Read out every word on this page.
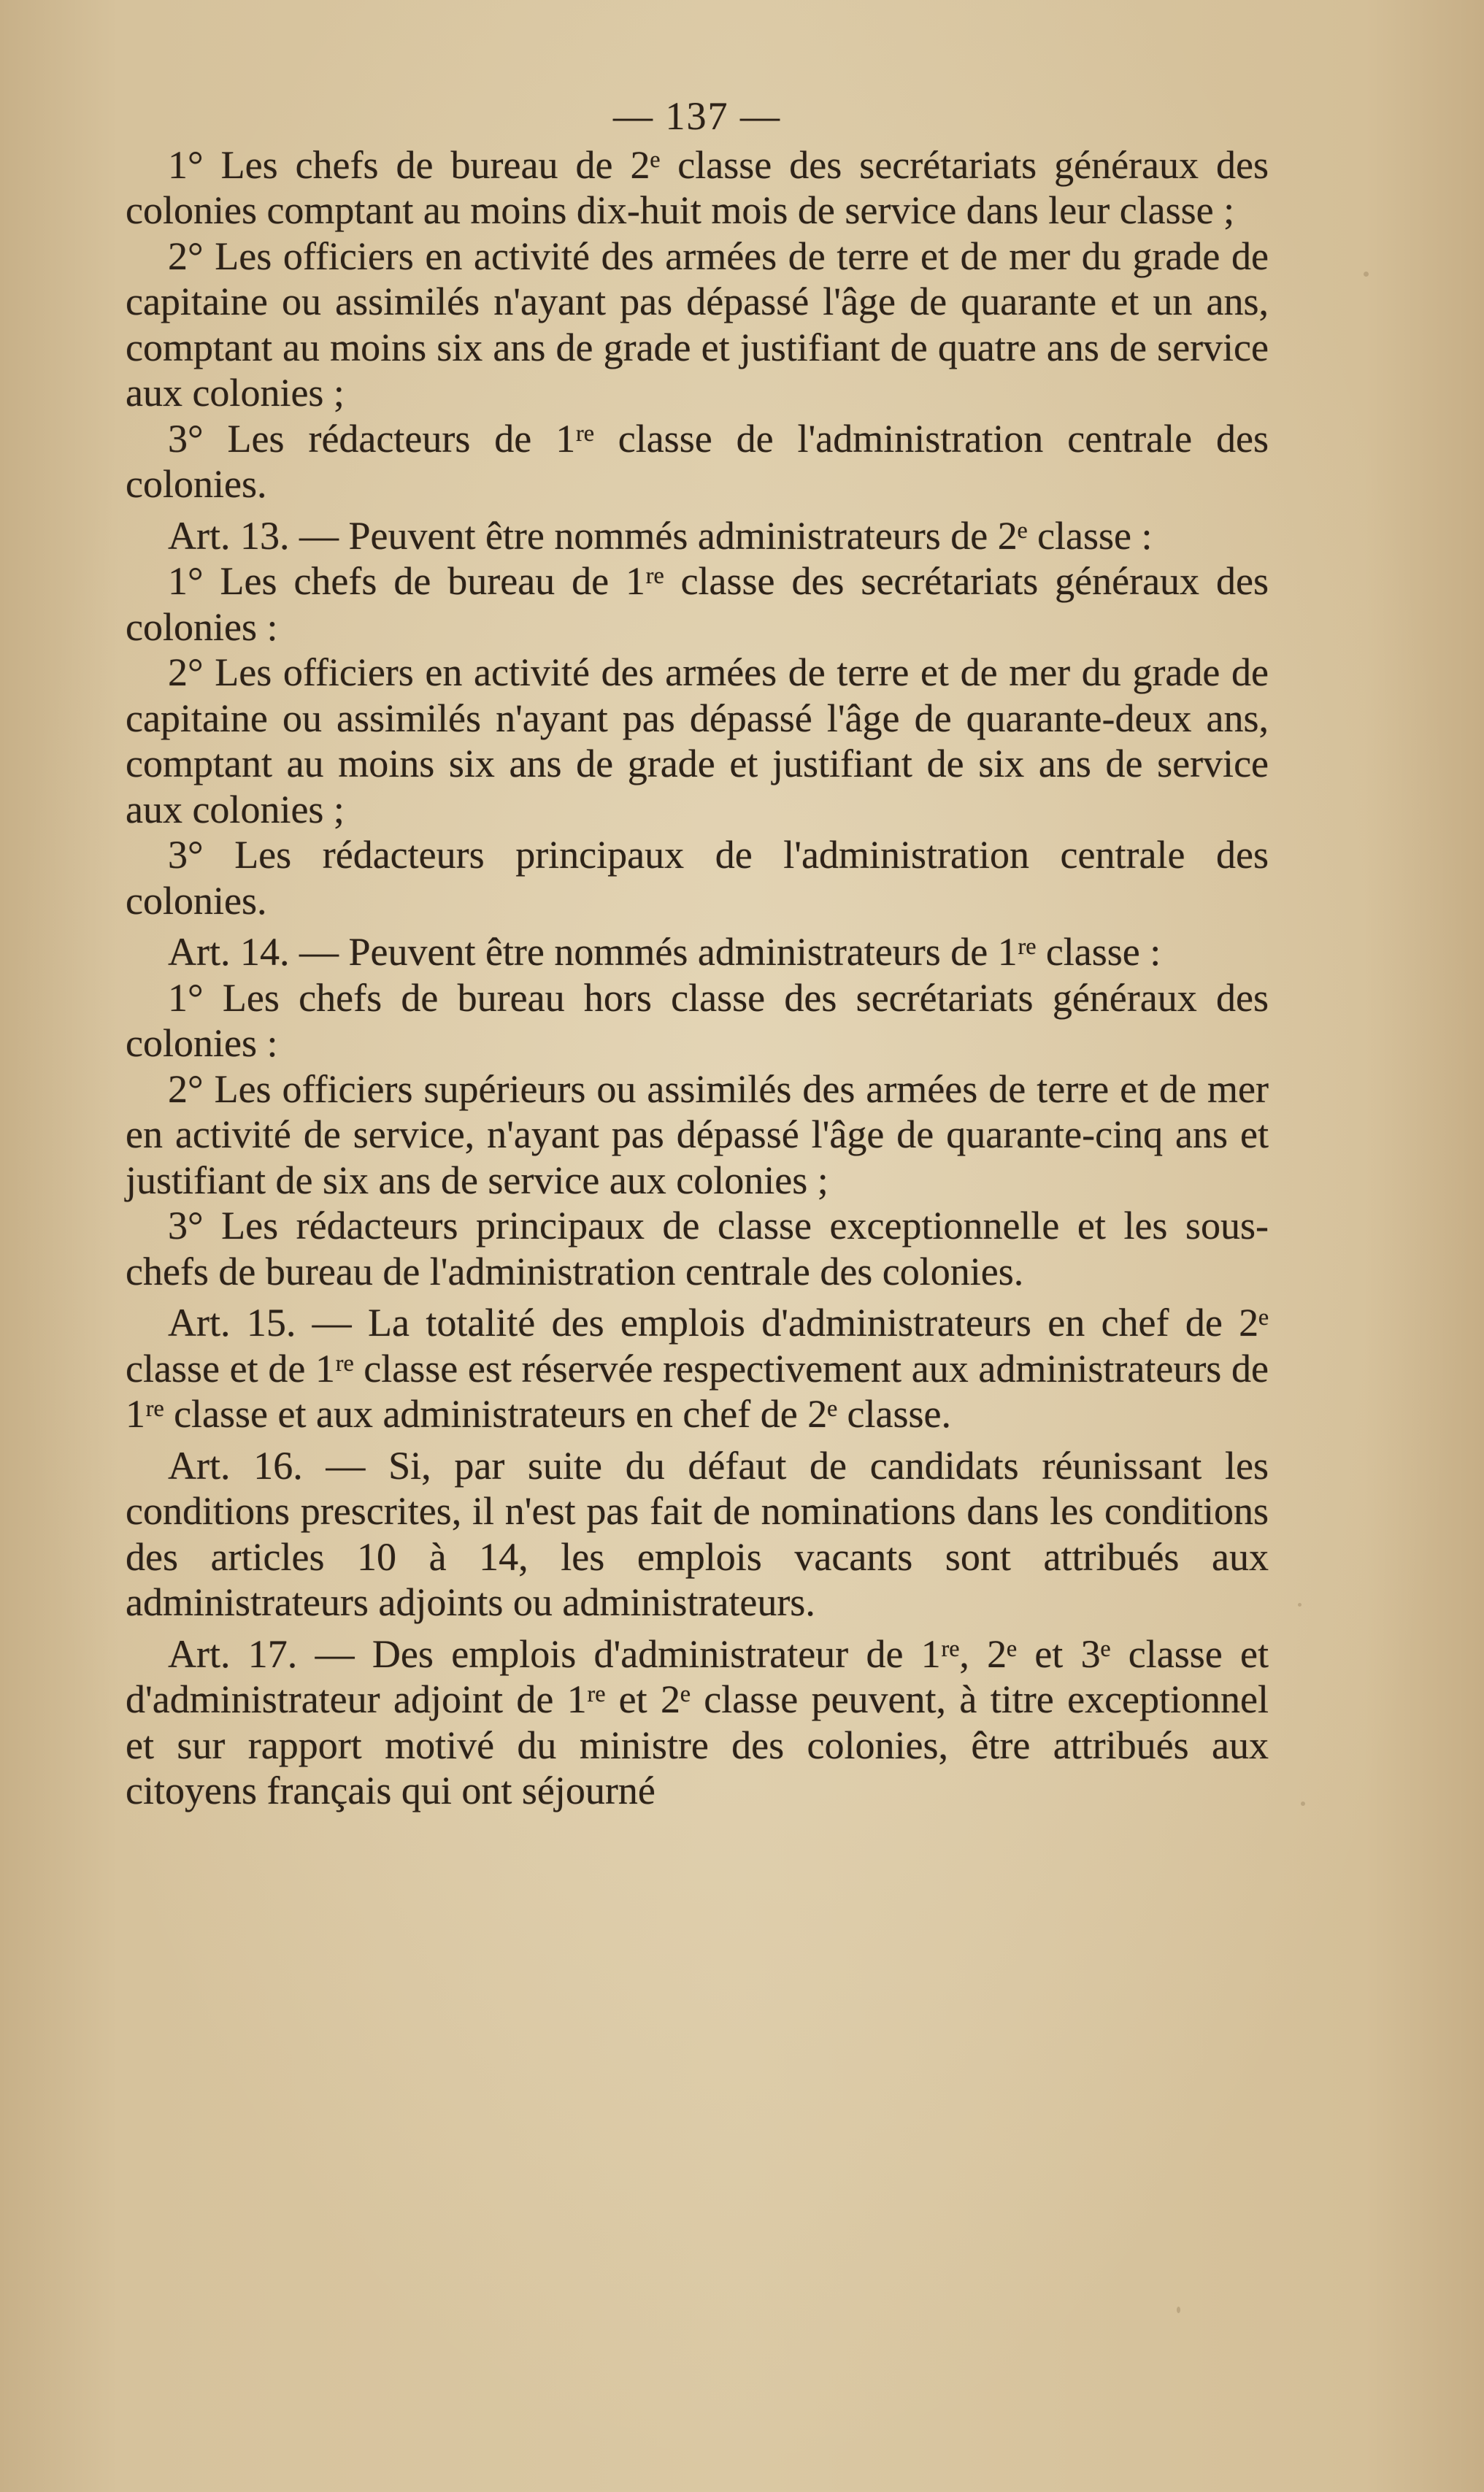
— 137 —

1° Les chefs de bureau de 2ᵉ classe des secrétariats généraux des colonies comptant au moins dix-huit mois de service dans leur classe ;

2° Les officiers en activité des armées de terre et de mer du grade de capitaine ou assimilés n'ayant pas dépassé l'âge de quarante et un ans, comptant au moins six ans de grade et justifiant de quatre ans de service aux colonies ;

3° Les rédacteurs de 1ʳᵉ classe de l'administration centrale des colonies.

Art. 13. — Peuvent être nommés administrateurs de 2ᵉ classe :

1° Les chefs de bureau de 1ʳᵉ classe des secrétariats généraux des colonies :

2° Les officiers en activité des armées de terre et de mer du grade de capitaine ou assimilés n'ayant pas dépassé l'âge de quarante-deux ans, comptant au moins six ans de grade et justifiant de six ans de service aux colonies ;

3° Les rédacteurs principaux de l'administration centrale des colonies.

Art. 14. — Peuvent être nommés administrateurs de 1ʳᵉ classe :

1° Les chefs de bureau hors classe des secrétariats généraux des colonies :

2° Les officiers supérieurs ou assimilés des armées de terre et de mer en activité de service, n'ayant pas dépassé l'âge de quarante-cinq ans et justifiant de six ans de service aux colonies ;

3° Les rédacteurs principaux de classe exceptionnelle et les sous-chefs de bureau de l'administration centrale des colonies.

Art. 15. — La totalité des emplois d'administrateurs en chef de 2ᵉ classe et de 1ʳᵉ classe est réservée respectivement aux administrateurs de 1ʳᵉ classe et aux administrateurs en chef de 2ᵉ classe.

Art. 16. — Si, par suite du défaut de candidats réunissant les conditions prescrites, il n'est pas fait de nominations dans les conditions des articles 10 à 14, les emplois vacants sont attribués aux administrateurs adjoints ou administrateurs.

Art. 17. — Des emplois d'administrateur de 1ʳᵉ, 2ᵉ et 3ᵉ classe et d'administrateur adjoint de 1ʳᵉ et 2ᵉ classe peuvent, à titre exceptionnel et sur rapport motivé du ministre des colonies, être attribués aux citoyens français qui ont séjourné
